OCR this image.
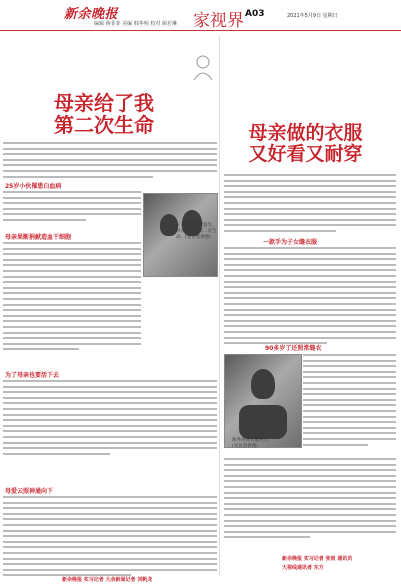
新余晚报
编辑 蒋菲菲 美编 韩华明 校对 顾若琳 家视界 A03	2021年5月9日 星期日
母亲给了我
第二次生命
25岁小伙罹患白血病
母亲果断捐献造血干细胞
在家休息的周盛昱，
母亲给了他第二次生
命。(受访者供图)
为了母亲也要活下去
母爱云照神通向下
新余晚报 实习记者 大余新闻记者 刘帆龙
母亲做的衣服
又好看又耐穿
一款手为子女缝衣服
90多岁了还照常缝衣
陈秀英缝衣服照片。
(受访者供图)
新余晚报 实习记者 张雨 通讯员
大视线通讯者 东方
